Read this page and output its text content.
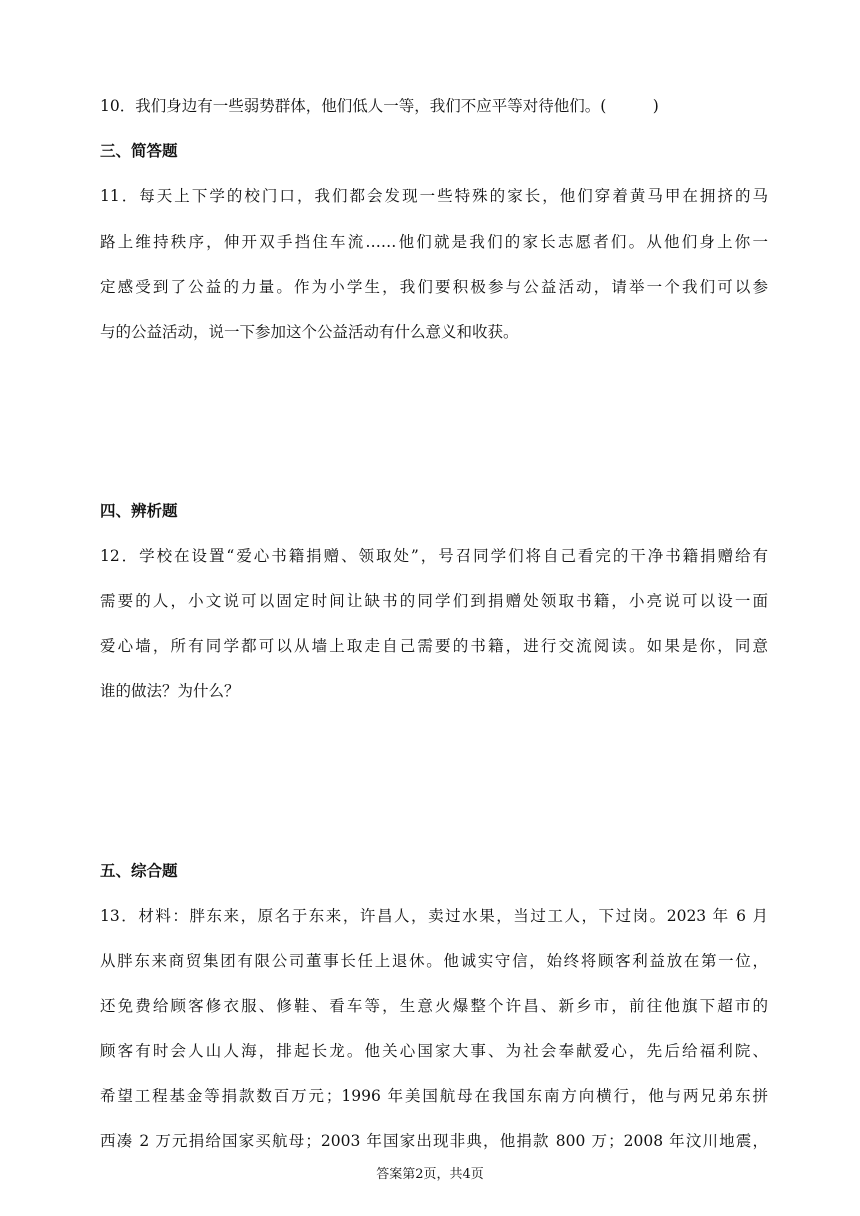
10．我们身边有一些弱势群体，他们低人一等，我们不应平等对待他们。(　　　)
三、简答题
11．每天上下学的校门口，我们都会发现一些特殊的家长，他们穿着黄马甲在拥挤的马
路上维持秩序，伸开双手挡住车流……他们就是我们的家长志愿者们。从他们身上你一
定感受到了公益的力量。作为小学生，我们要积极参与公益活动，请举一个我们可以参
与的公益活动，说一下参加这个公益活动有什么意义和收获。
四、辨析题
12．学校在设置“爱心书籍捐赠、领取处”，号召同学们将自己看完的干净书籍捐赠给有
需要的人，小文说可以固定时间让缺书的同学们到捐赠处领取书籍，小亮说可以设一面
爱心墙，所有同学都可以从墙上取走自己需要的书籍，进行交流阅读。如果是你，同意
谁的做法？为什么？
五、综合题
13．材料：胖东来，原名于东来，许昌人，卖过水果，当过工人，下过岗。2023 年 6 月
从胖东来商贸集团有限公司董事长任上退休。他诚实守信，始终将顾客利益放在第一位，
还免费给顾客修衣服、修鞋、看车等，生意火爆整个许昌、新乡市，前往他旗下超市的
顾客有时会人山人海，排起长龙。他关心国家大事、为社会奉献爱心，先后给福利院、
希望工程基金等捐款数百万元；1996 年美国航母在我国东南方向横行，他与两兄弟东拼
西凑 2 万元捐给国家买航母；2003 年国家出现非典，他捐款 800 万；2008 年汶川地震，
答案第2页，共4页
